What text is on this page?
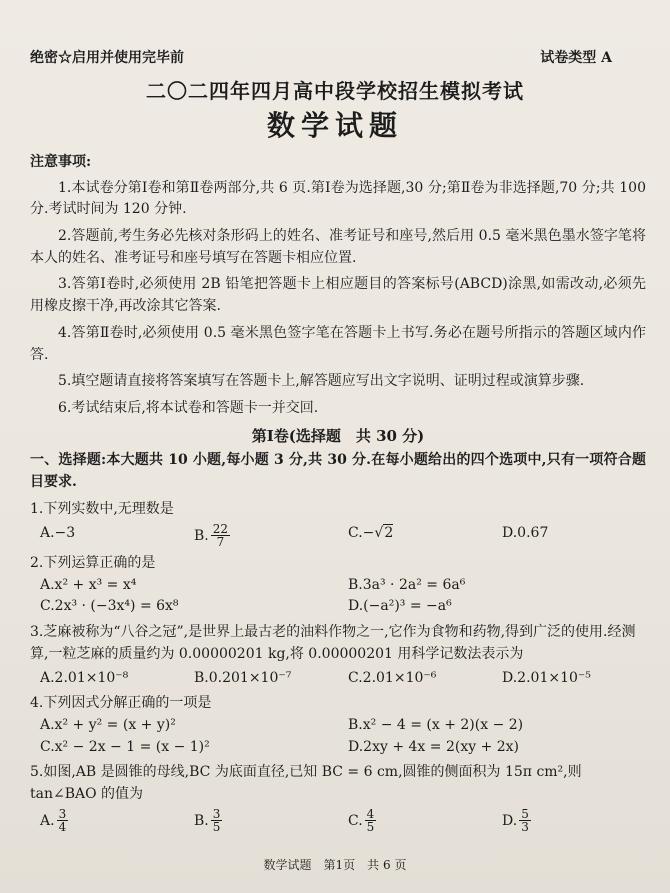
绝密☆启用并使用完毕前	试卷类型 A
二〇二四年四月高中段学校招生模拟考试
数学试题

注意事项:

1.本试卷分第Ⅰ卷和第Ⅱ卷两部分,共 6 页.第Ⅰ卷为选择题,30 分;第Ⅱ卷为非选择题,70 分;共 100 分.考试时间为 120 分钟.

2.答题前,考生务必先核对条形码上的姓名、准考证号和座号,然后用 0.5 毫米黑色墨水签字笔将本人的姓名、准考证号和座号填写在答题卡相应位置.

3.答第Ⅰ卷时,必须使用 2B 铅笔把答题卡上相应题目的答案标号(ABCD)涂黑,如需改动,必须先用橡皮擦干净,再改涂其它答案.

4.答第Ⅱ卷时,必须使用 0.5 毫米黑色签字笔在答题卡上书写.务必在题号所指示的答题区域内作答.

5.填空题请直接将答案填写在答题卡上,解答题应写出文字说明、证明过程或演算步骤.

6.考试结束后,将本试卷和答题卡一并交回.

第Ⅰ卷(选择题　共 30 分)

一、选择题:本大题共 10 小题,每小题 3 分,共 30 分.在每小题给出的四个选项中,只有一项符合题目要求.

1.下列实数中,无理数是

A.−3	B. $\frac{22}{7}$	C.−√2	D.0.67

2.下列运算正确的是

A.x² + x³ = x⁴	B.3a³ · 2a² = 6a⁶
C.2x³ · (−3x⁴) = 6x⁸	D.(−a²)³ = −a⁶

3.芝麻被称为“八谷之冠”,是世界上最古老的油料作物之一,它作为食物和药物,得到广泛的使用.经测算,一粒芝麻的质量约为 0.00000201 kg,将 0.00000201 用科学记数法表示为

A.2.01×10⁻⁸	B.0.201×10⁻⁷	C.2.01×10⁻⁶	D.2.01×10⁻⁵

4.下列因式分解正确的一项是

A.x² + y² = (x + y)²	B.x² − 4 = (x + 2)(x − 2)
C.x² − 2x − 1 = (x − 1)²	D.2xy + 4x = 2(xy + 2x)

5.如图,AB 是圆锥的母线,BC 为底面直径,已知 BC = 6 cm,圆锥的侧面积为 15π cm²,则 tan∠BAO 的值为

A. $\frac{3}{4}$	B. $\frac{3}{5}$	C. $\frac{4}{5}$	D. $\frac{5}{3}$
数学试题　第1页　共 6 页
